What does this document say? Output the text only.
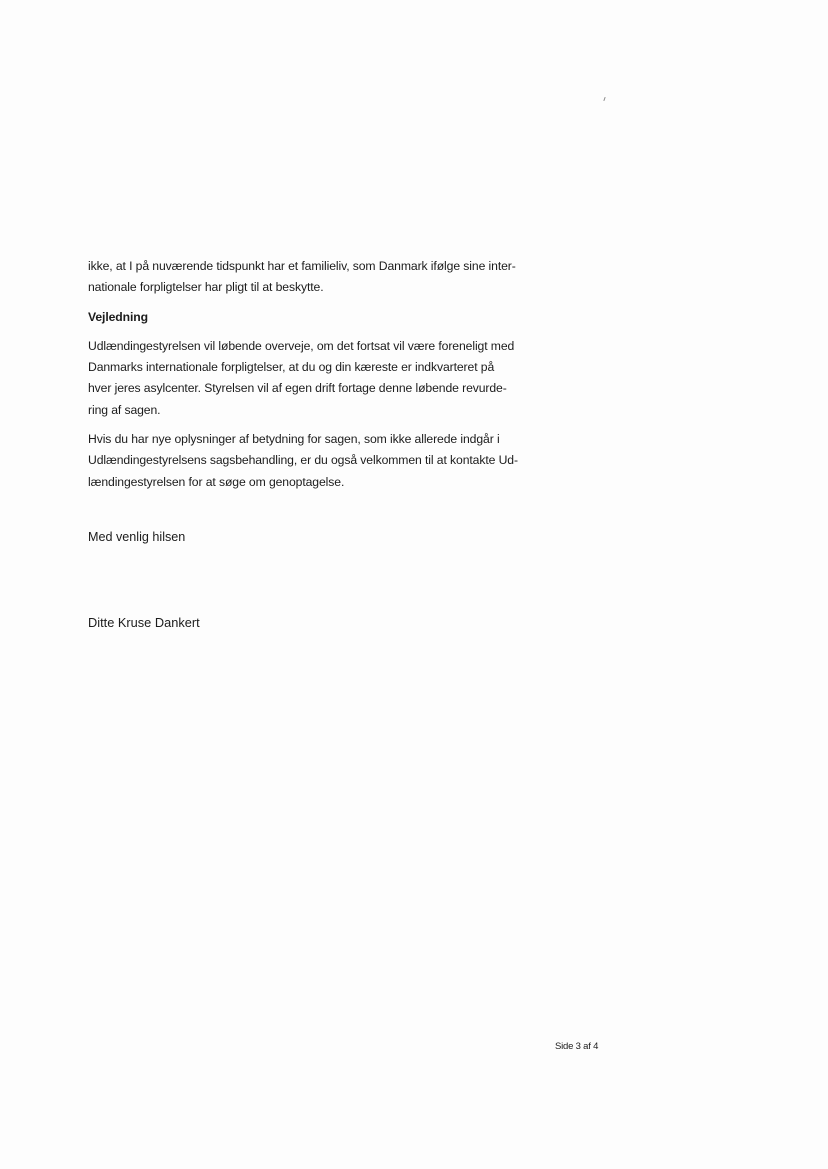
ikke, at I på nuværende tidspunkt har et familieliv, som Danmark ifølge sine inter-
nationale forpligtelser har pligt til at beskytte.

Vejledning

Udlændingestyrelsen vil løbende overveje, om det fortsat vil være foreneligt med
Danmarks internationale forpligtelser, at du og din kæreste er indkvarteret på
hver jeres asylcenter. Styrelsen vil af egen drift fortage denne løbende revurde-
ring af sagen.

Hvis du har nye oplysninger af betydning for sagen, som ikke allerede indgår i
Udlændingestyrelsens sagsbehandling, er du også velkommen til at kontakte Ud-
lændingestyrelsen for at søge om genoptagelse.

Med venlig hilsen
Ditte Kruse Dankert
Side 3 af 4
